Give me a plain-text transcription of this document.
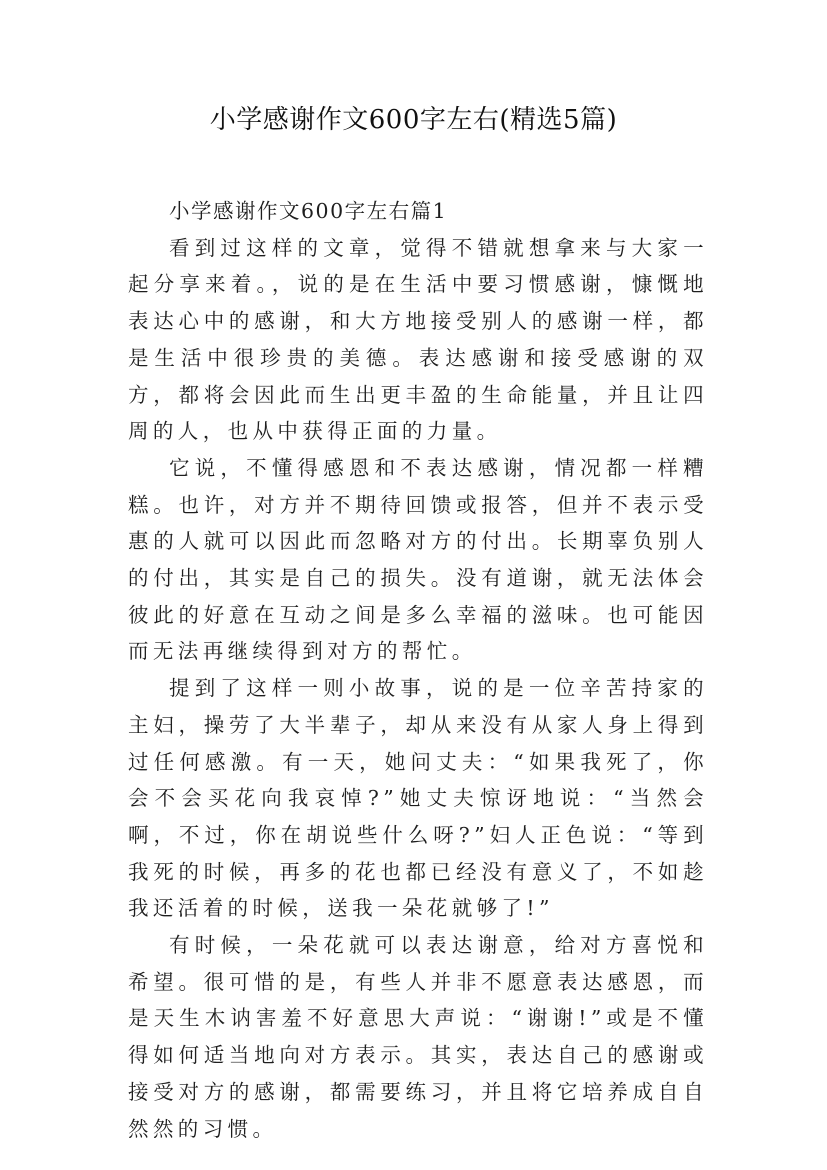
小学感谢作文600字左右(精选5篇)

小学感谢作文600字左右篇1

看到过这样的文章，觉得不错就想拿来与大家一起分享来着。，说的是在生活中要习惯感谢，慷慨地表达心中的感谢，和大方地接受别人的感谢一样，都是生活中很珍贵的美德。表达感谢和接受感谢的双方，都将会因此而生出更丰盈的生命能量，并且让四周的人，也从中获得正面的力量。

它说，不懂得感恩和不表达感谢，情况都一样糟糕。也许，对方并不期待回馈或报答，但并不表示受惠的人就可以因此而忽略对方的付出。长期辜负别人的付出，其实是自己的损失。没有道谢，就无法体会彼此的好意在互动之间是多么幸福的滋味。也可能因而无法再继续得到对方的帮忙。

提到了这样一则小故事，说的是一位辛苦持家的主妇，操劳了大半辈子，却从来没有从家人身上得到过任何感激。有一天，她问丈夫：“如果我死了，你会不会买花向我哀悼?”她丈夫惊讶地说：“当然会啊，不过，你在胡说些什么呀?”妇人正色说：“等到我死的时候，再多的花也都已经没有意义了，不如趁我还活着的时候，送我一朵花就够了!”

有时候，一朵花就可以表达谢意，给对方喜悦和希望。很可惜的是，有些人并非不愿意表达感恩，而是天生木讷害羞不好意思大声说：“谢谢!”或是不懂得如何适当地向对方表示。其实，表达自己的感谢或接受对方的感谢，都需要练习，并且将它培养成自自然然的习惯。
